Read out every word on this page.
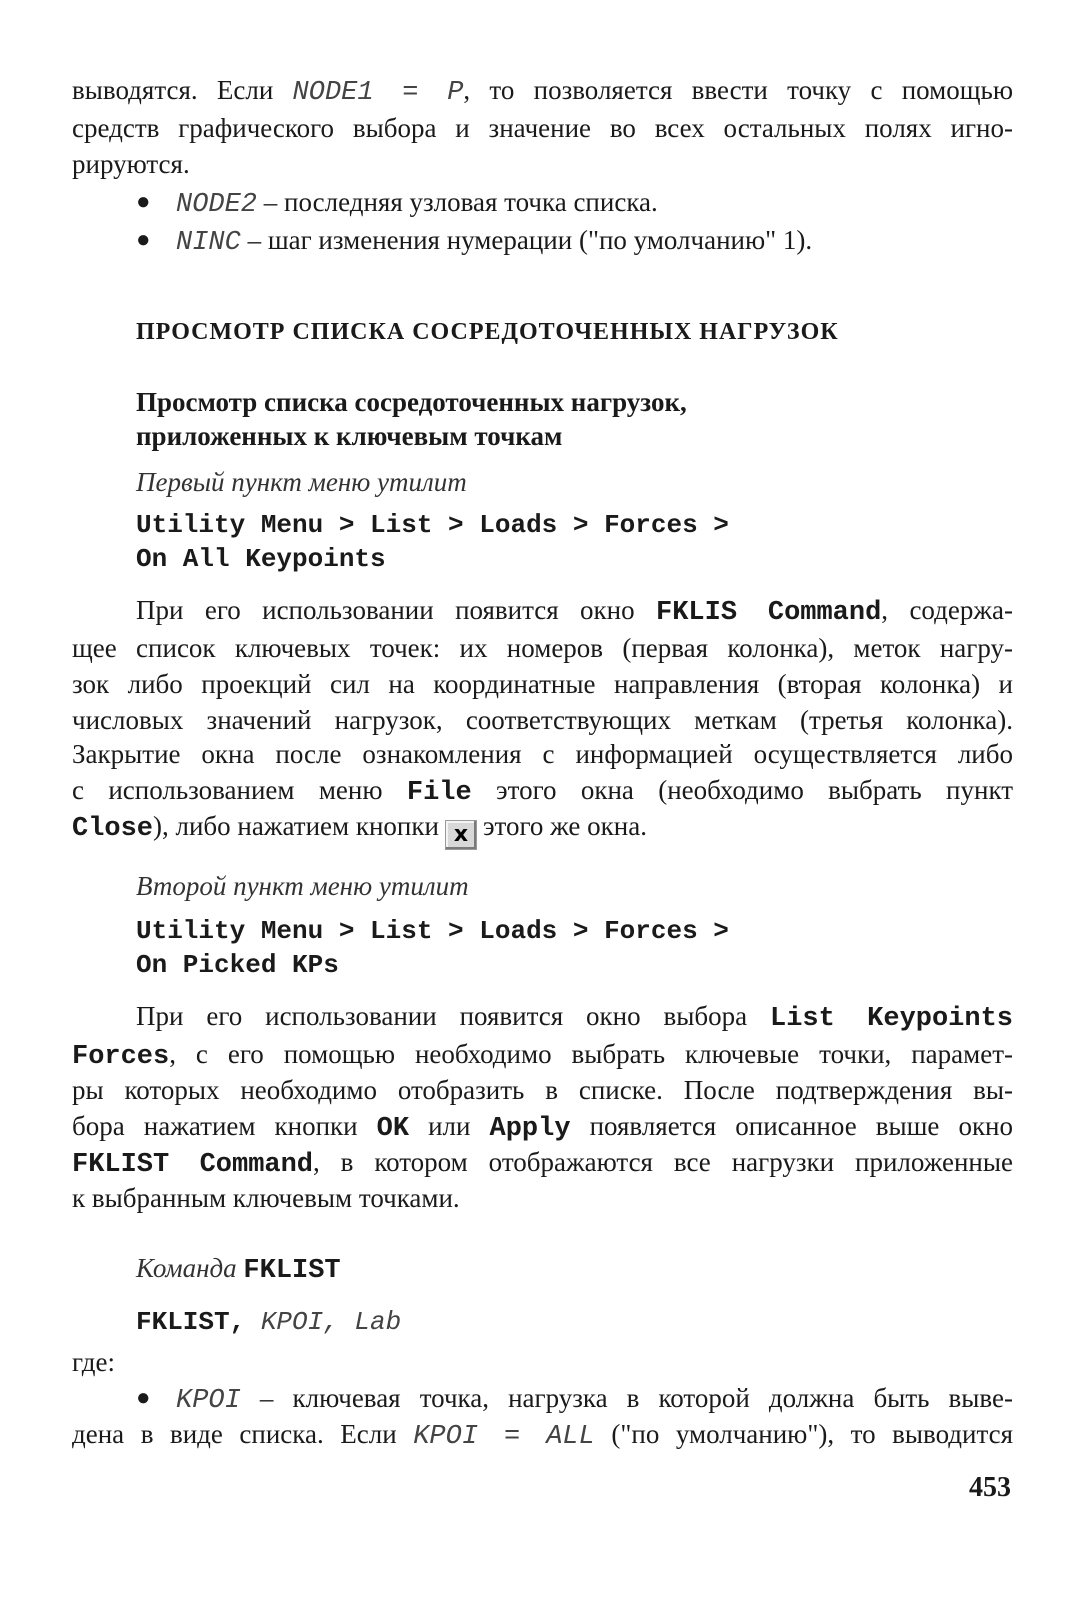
выводятся. Если NODE1 = P, то позволяется ввести точку с помощью
средств графического выбора и значение во всех остальных полях игно-
рируются.
● NODE2 – последняя узловая точка списка.
● NINC – шаг изменения нумерации ("по умолчанию" 1).
ПРОСМОТР СПИСКА СОСРЕДОТОЧЕННЫХ НАГРУЗОК
Просмотр списка сосредоточенных нагрузок,
приложенных к ключевым точкам
Первый пункт меню утилит
Utility Menu > List > Loads > Forces >
On All Keypoints
При его использовании появится окно FKLIS Command, содержа-
щее список ключевых точек: их номеров (первая колонка), меток нагру-
зок либо проекций сил на координатные направления (вторая колонка) и
числовых значений нагрузок, соответствующих меткам (третья колонка).
Закрытие окна после ознакомления с информацией осуществляется либо
с использованием меню File этого окна (необходимо выбрать пункт
Close), либо нажатием кнопки x этого же окна.
Второй пункт меню утилит
Utility Menu > List > Loads > Forces >
On Picked KPs
При его использовании появится окно выбора List Keypoints
Forces, с его помощью необходимо выбрать ключевые точки, парамет-
ры которых необходимо отобразить в списке. После подтверждения вы-
бора нажатием кнопки OK или Apply появляется описанное выше окно
FKLIST Command, в котором отображаются все нагрузки приложенные
к выбранным ключевым точками.
Команда FKLIST
FKLIST, KPOI, Lab
где:
● KPOI – ключевая точка, нагрузка в которой должна быть выве-
дена в виде списка. Если KPOI = ALL ("по умолчанию"), то выводится
453
